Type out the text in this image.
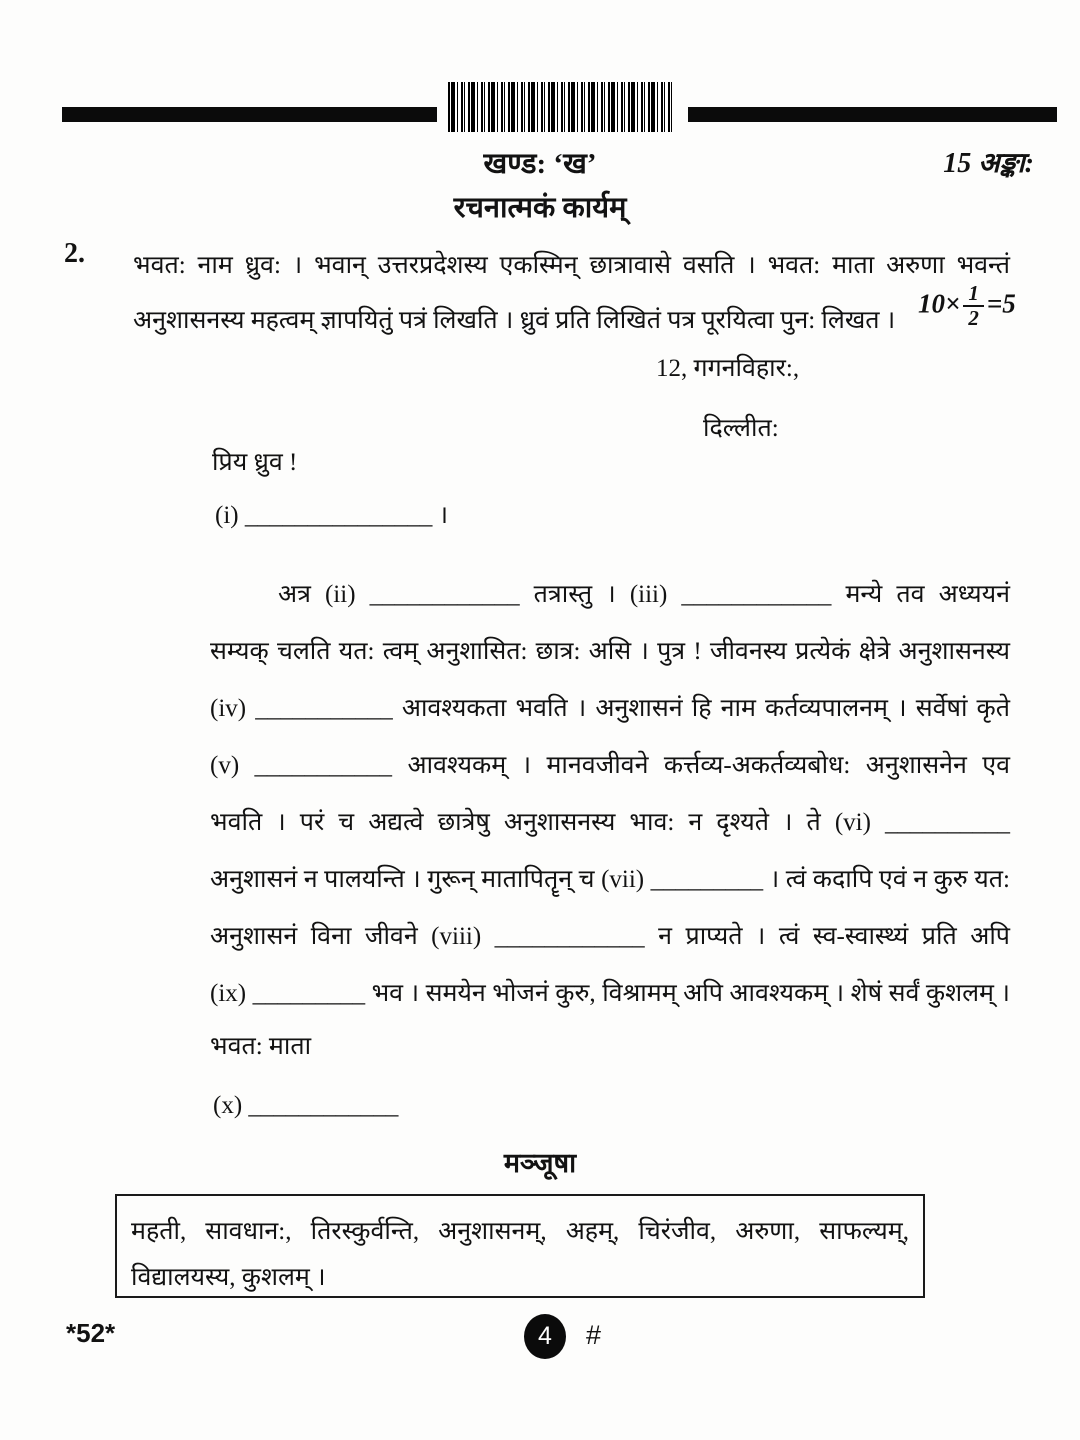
खण्ड: ‘ख’	15 अङ्का:
रचनात्मकं कार्यम्
2. भवत: नाम ध्रुव: । भवान् उत्तरप्रदेशस्य एकस्मिन् छात्रावासे वसति । भवत: माता अरुणा भवन्तं
अनुशासनस्य महत्वम् ज्ञापयितुं पत्रं लिखति । ध्रुवं प्रति लिखितं पत्र पूरयित्वा पुन: लिखत ।
$10\times \frac{1}{2} =5$
12, गगनविहार:,
दिल्लीत:
प्रिय ध्रुव !
(i) _______________ ।
अत्र (ii) ____________ तत्रास्तु । (iii) ____________ मन्ये तव अध्ययनं
सम्यक् चलति यत: त्वम् अनुशासित: छात्र: असि । पुत्र ! जीवनस्य प्रत्येकं क्षेत्रे अनुशासनस्य
(iv) ___________ आवश्यकता भवति । अनुशासनं हि नाम कर्तव्यपालनम् । सर्वेषां कृते
(v) ___________ आवश्यकम् । मानवजीवने कर्त्तव्य-अकर्तव्यबोध: अनुशासनेन एव
भवति । परं च अद्यत्वे छात्रेषु अनुशासनस्य भाव: न दृश्यते । ते (vi) __________
अनुशासनं न पालयन्ति । गुरून् मातापितॄन् च (vii) _________ । त्वं कदापि एवं न कुरु यत:
अनुशासनं विना जीवने (viii) ____________ न प्राप्यते । त्वं स्व-स्वास्थ्यं प्रति अपि
(ix) _________ भव । समयेन भोजनं कुरु, विश्रामम् अपि आवश्यकम् । शेषं सर्वं कुशलम् ।
भवत: माता
(x) ____________
मञ्जूषा
महती, सावधान:, तिरस्कुर्वन्ति, अनुशासनम्, अहम्, चिरंजीव, अरुणा, साफल्यम्,
विद्यालयस्य, कुशलम् ।
*52*	4 #
